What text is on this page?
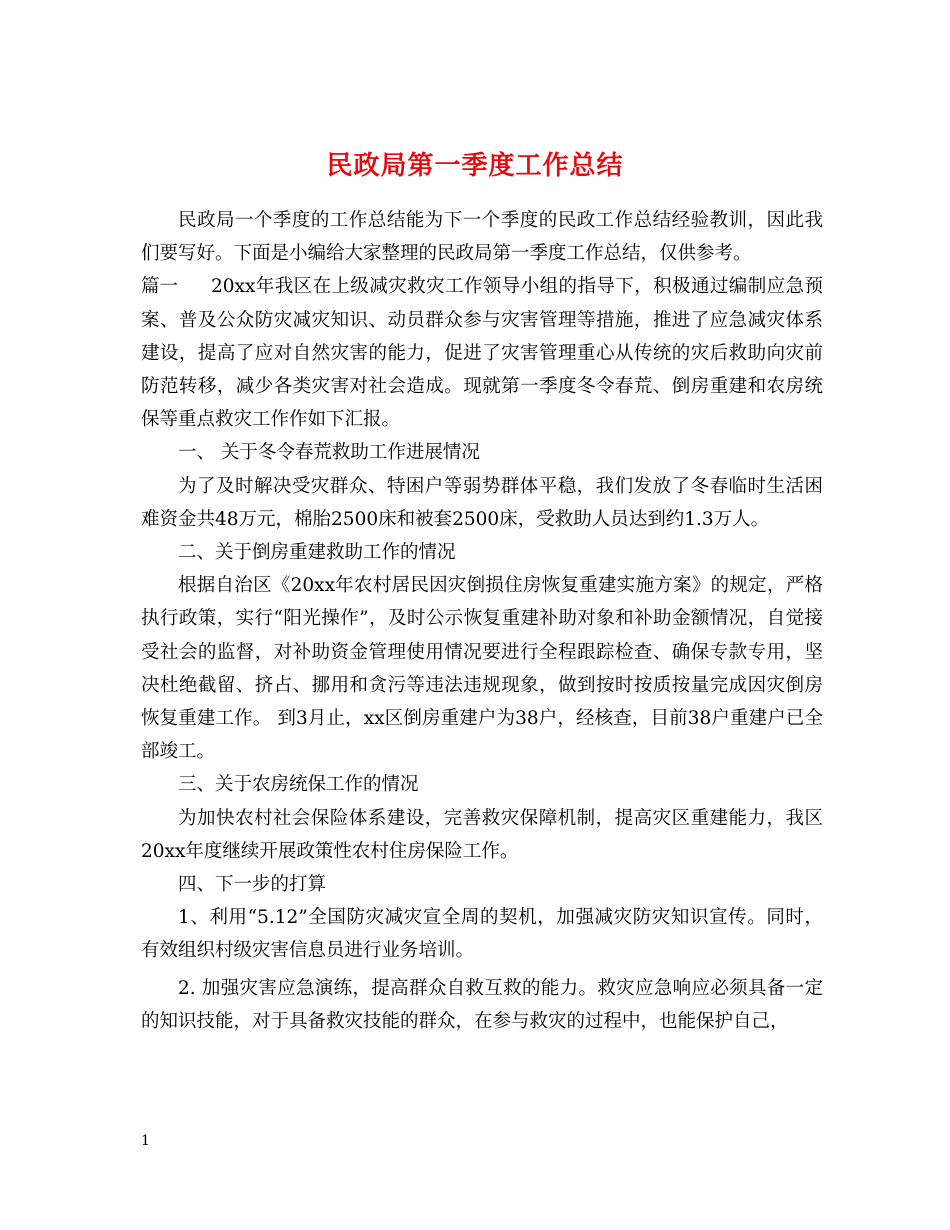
民政局第一季度工作总结

民政局一个季度的工作总结能为下一个季度的民政工作总结经验教训，因此我们要写好。下面是小编给大家整理的民政局第一季度工作总结，仅供参考。

篇一 20xx年我区在上级减灾救灾工作领导小组的指导下，积极通过编制应急预案、普及公众防灾减灾知识、动员群众参与灾害管理等措施，推进了应急减灾体系建设，提高了应对自然灾害的能力，促进了灾害管理重心从传统的灾后救助向灾前防范转移，减少各类灾害对社会造成。现就第一季度冬令春荒、倒房重建和农房统保等重点救灾工作作如下汇报。

一、 关于冬令春荒救助工作进展情况

为了及时解决受灾群众、特困户等弱势群体平稳，我们发放了冬春临时生活困难资金共48万元，棉胎2500床和被套2500床，受救助人员达到约1.3万人。

二、关于倒房重建救助工作的情况

根据自治区《20xx年农村居民因灾倒损住房恢复重建实施方案》的规定，严格执行政策，实行“阳光操作”，及时公示恢复重建补助对象和补助金额情况，自觉接受社会的监督，对补助资金管理使用情况要进行全程跟踪检查、确保专款专用，坚决杜绝截留、挤占、挪用和贪污等违法违规现象，做到按时按质按量完成因灾倒房恢复重建工作。 到3月止，xx区倒房重建户为38户，经核查，目前38户重建户已全部竣工。

三、关于农房统保工作的情况

为加快农村社会保险体系建设，完善救灾保障机制，提高灾区重建能力，我区20xx年度继续开展政策性农村住房保险工作。

四、下一步的打算

1、利用“5.12”全国防灾减灾宣全周的契机，加强减灾防灾知识宣传。同时，有效组织村级灾害信息员进行业务培训。

2. 加强灾害应急演练，提高群众自救互救的能力。救灾应急响应必须具备一定的知识技能，对于具备救灾技能的群众，在参与救灾的过程中，也能保护自己，

1
